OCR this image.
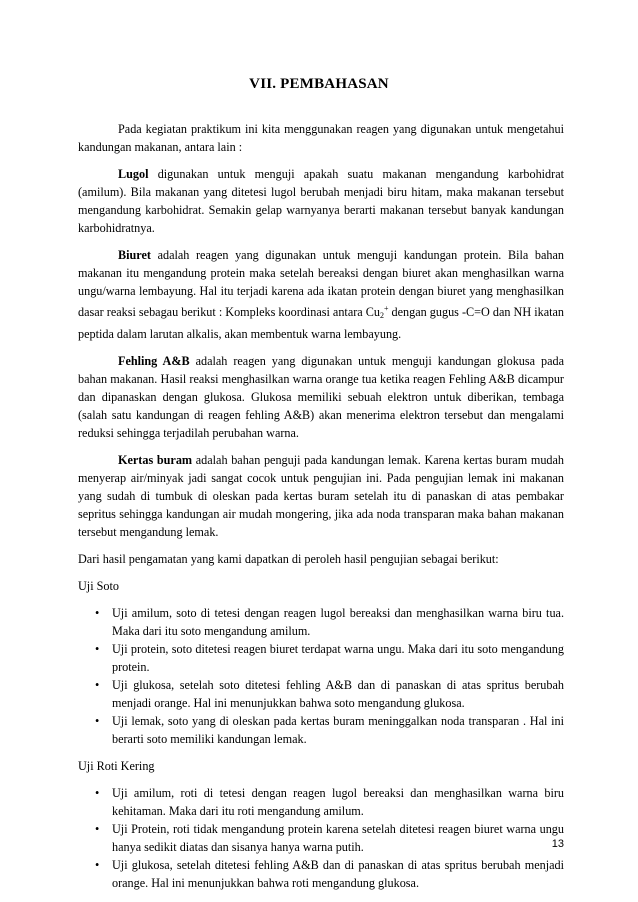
VII. PEMBAHASAN

Pada kegiatan praktikum ini kita menggunakan reagen yang digunakan untuk mengetahui kandungan makanan, antara lain :

Lugol digunakan untuk menguji apakah suatu makanan mengandung karbohidrat (amilum). Bila makanan yang ditetesi lugol berubah menjadi biru hitam, maka makanan tersebut mengandung karbohidrat. Semakin gelap warnyanya berarti makanan tersebut banyak kandungan karbohidratnya.

Biuret adalah reagen yang digunakan untuk menguji kandungan protein. Bila bahan makanan itu mengandung protein maka setelah bereaksi dengan biuret akan menghasilkan warna ungu/warna lembayung. Hal itu terjadi karena ada ikatan protein dengan biuret yang menghasilkan dasar reaksi sebagau berikut : Kompleks koordinasi antara $Cu_2^+$ dengan gugus -C=O dan NH ikatan peptida dalam larutan alkalis, akan membentuk warna lembayung.

Fehling A&B adalah reagen yang digunakan untuk menguji kandungan glokusa pada bahan makanan. Hasil reaksi menghasilkan warna orange tua ketika reagen Fehling A&B dicampur dan dipanaskan dengan glukosa. Glukosa memiliki sebuah elektron untuk diberikan, tembaga (salah satu kandungan di reagen fehling A&B) akan menerima elektron tersebut dan mengalami reduksi sehingga terjadilah perubahan warna.

Kertas buram adalah bahan penguji pada kandungan lemak. Karena kertas buram mudah menyerap air/minyak jadi sangat cocok untuk pengujian ini. Pada pengujian lemak ini makanan yang sudah di tumbuk di oleskan pada kertas buram setelah itu di panaskan di atas pembakar sepritus sehingga kandungan air mudah mongering, jika ada noda transparan maka bahan makanan tersebut mengandung lemak.

Dari hasil pengamatan yang kami dapatkan di peroleh hasil pengujian sebagai berikut:

Uji Soto

• Uji amilum, soto di tetesi dengan reagen lugol bereaksi dan menghasilkan warna biru tua. Maka dari itu soto mengandung amilum.
• Uji protein, soto ditetesi reagen biuret terdapat warna ungu. Maka dari itu soto mengandung protein.
• Uji glukosa, setelah soto ditetesi fehling A&B dan di panaskan di atas spritus berubah menjadi orange. Hal ini menunjukkan bahwa soto mengandung glukosa.
• Uji lemak, soto yang di oleskan pada kertas buram meninggalkan noda transparan . Hal ini berarti soto memiliki kandungan lemak.

Uji Roti Kering

• Uji amilum, roti di tetesi dengan reagen lugol bereaksi dan menghasilkan warna biru kehitaman. Maka dari itu roti mengandung amilum.
• Uji Protein, roti tidak mengandung protein karena setelah ditetesi reagen biuret warna ungu hanya sedikit diatas dan sisanya hanya warna putih.
• Uji glukosa, setelah ditetesi fehling A&B dan di panaskan di atas spritus berubah menjadi orange. Hal ini menunjukkan bahwa roti mengandung glukosa.
13
